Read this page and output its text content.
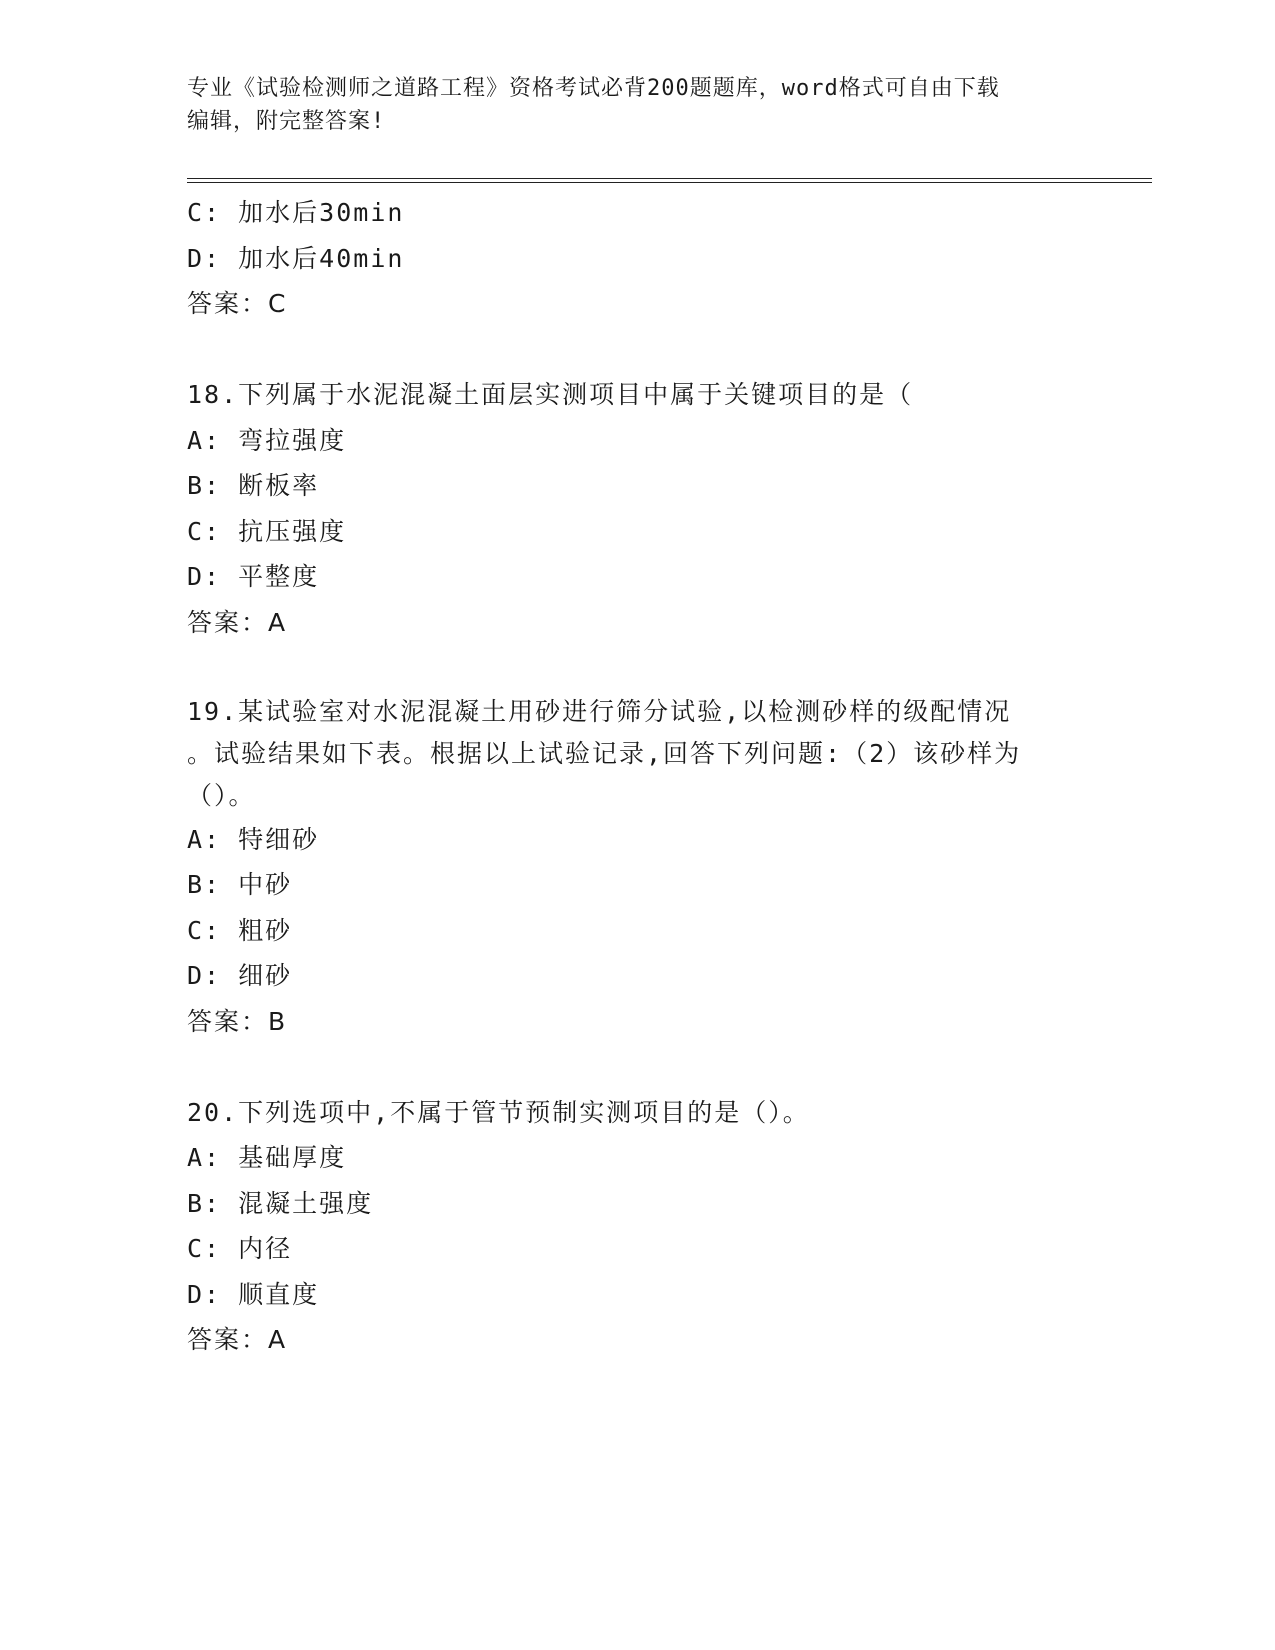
专业《试验检测师之道路工程》资格考试必背200题题库，word格式可自由下载
编辑，附完整答案!
C: 加水后30min
D: 加水后40min
答案：C
18.下列属于水泥混凝土面层实测项目中属于关键项目的是（
A: 弯拉强度
B: 断板率
C: 抗压强度
D: 平整度
答案：A
19.某试验室对水泥混凝土用砂进行筛分试验,以检测砂样的级配情况
。试验结果如下表。根据以上试验记录,回答下列问题:（2）该砂样为
（）。
A: 特细砂
B: 中砂
C: 粗砂
D: 细砂
答案：B
20.下列选项中,不属于管节预制实测项目的是（）。
A: 基础厚度
B: 混凝土强度
C: 内径
D: 顺直度
答案：A
